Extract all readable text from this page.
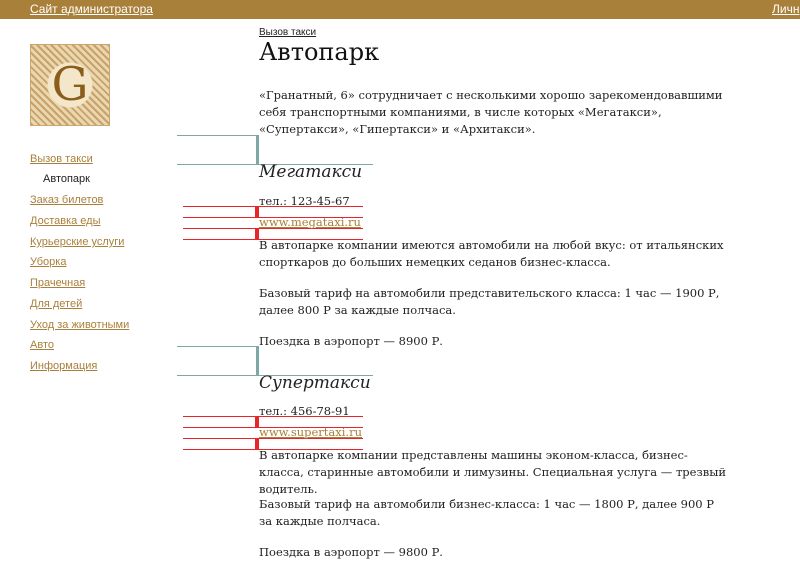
Сайт администратора	Личн
G
Вызов такси
Автопарк
Заказ билетов
Доставка еды
Курьерские услуги
Уборка
Прачечная
Для детей
Уход за животными
Авто
Информация
Вызов такси
Автопарк

«Гранатный, 6» сотрудничает с несколькими хорошо зарекомендовавшими себя транспортными компаниями, в числе которых «Мегатакси», «Супертакси», «Гипертакси» и «Архитакси».

Мегатакси
тел.: 123-45-67
www.megataxi.ru

В автопарке компании имеются автомобили на любой вкус: от итальянских спорткаров до больших немецких седанов бизнес-класса.

Базовый тариф на автомобили представительского класса: 1 час — 1900 Р, далее 800 Р за каждые полчаса.

Поездка в аэропорт — 8900 Р.

Супертакси
тел.: 456-78-91
www.supertaxi.ru

В автопарке компании представлены машины эконом-класса, бизнес-класса, старинные автомобили и лимузины. Специальная услуга — трезвый водитель.

Базовый тариф на автомобили бизнес-класса: 1 час — 1800 Р, далее 900 Р за каждые полчаса.

Поездка в аэропорт — 9800 Р.
